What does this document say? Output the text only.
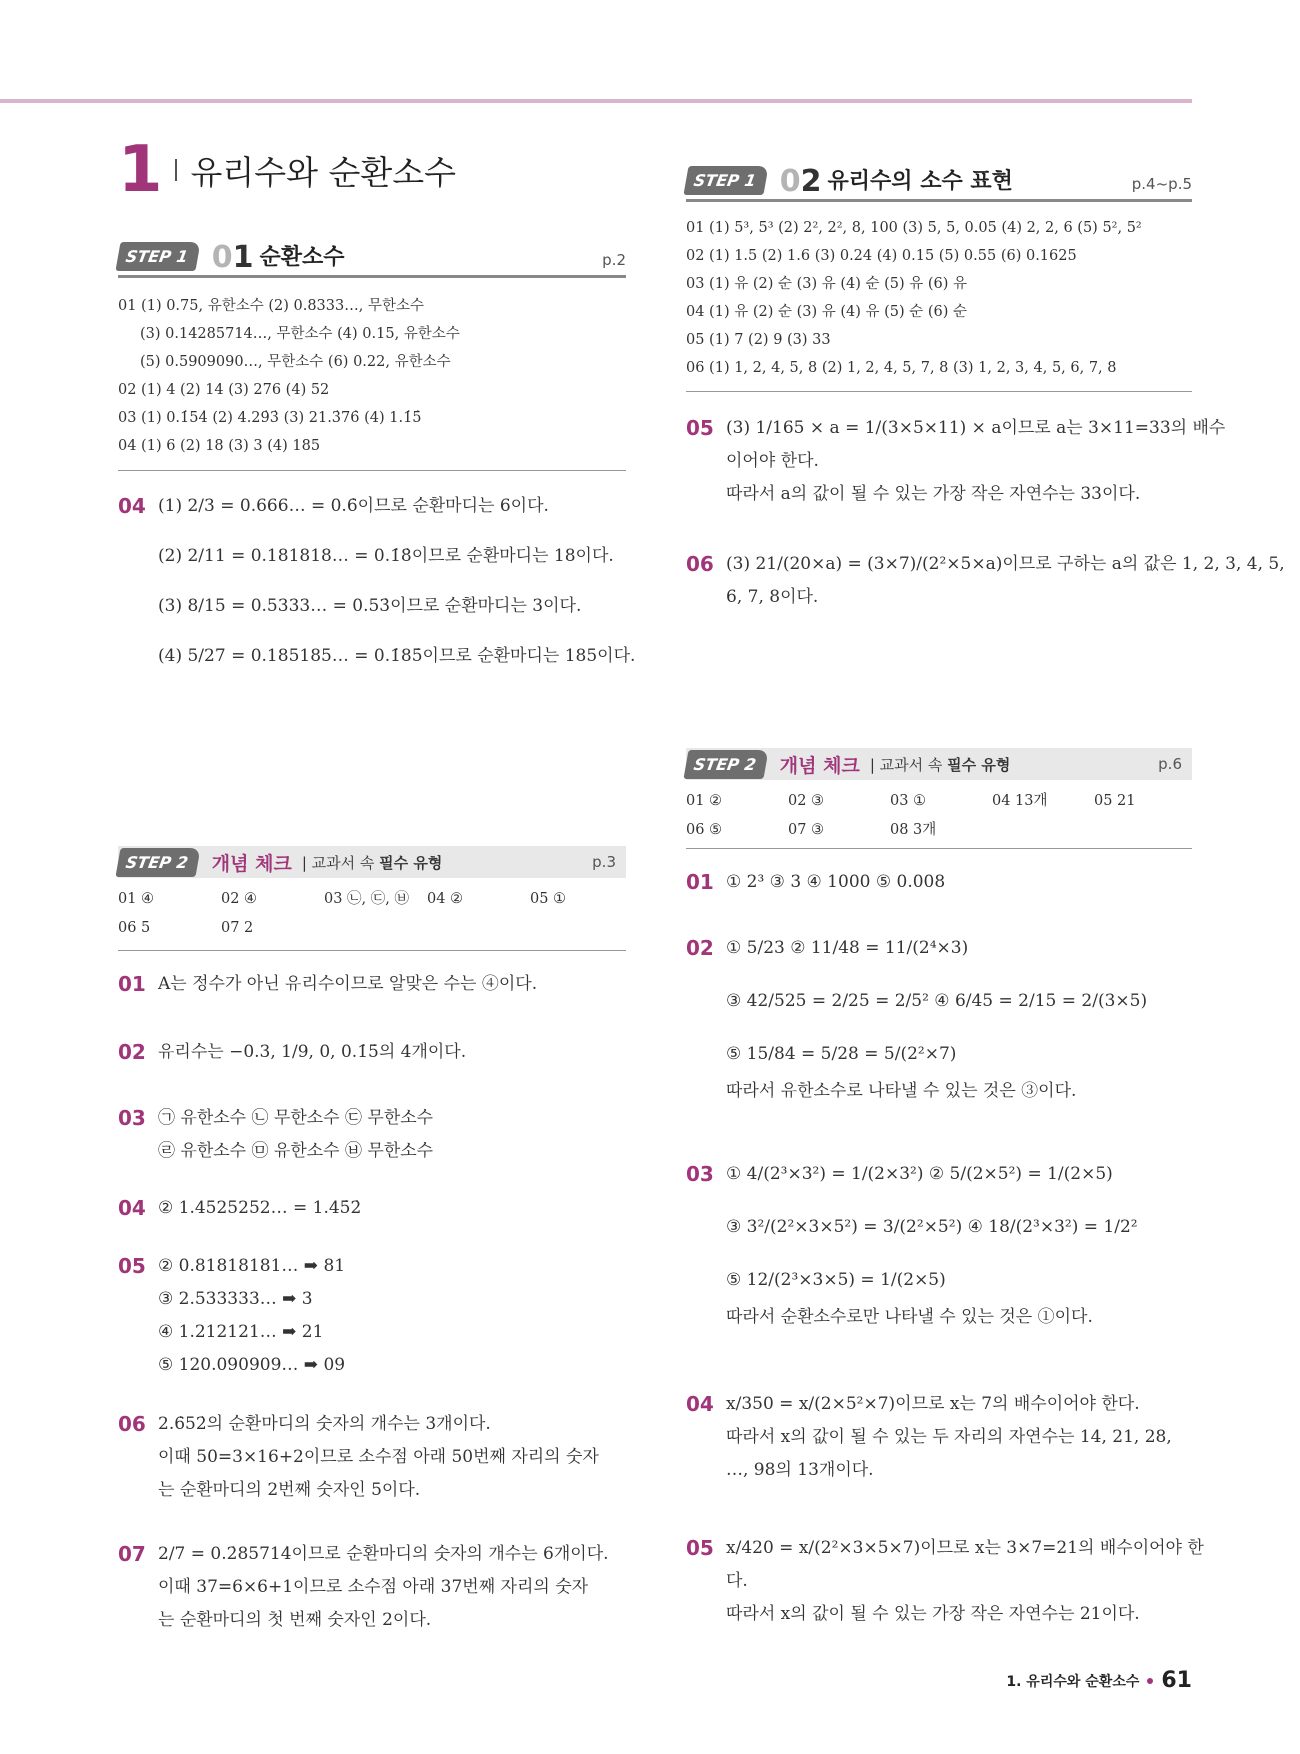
1 유리수와 순환소수
STEP 1 01 순환소수	p.2
01 (1) 0.75, 유한소수 (2) 0.8333…, 무한소수
(3) 0.14285714…, 무한소수 (4) 0.15, 유한소수
(5) 0.5909090…, 무한소수 (6) 0.22, 유한소수
02 (1) 4 (2) 14 (3) 276 (4) 52
03 (1) 0.1̇54̇ (2) 4.29̇3̇ (3) 21.3̇76̇ (4) 1.1̇5̇
04 (1) 6 (2) 18 (3) 3 (4) 185
04 (1) 2/3 = 0.666… = 0.6̇이므로 순환마디는 6이다.
(2) 2/11 = 0.181818… = 0.1̇8̇이므로 순환마디는 18이다.
(3) 8/15 = 0.5333… = 0.53̇이므로 순환마디는 3이다.
(4) 5/27 = 0.185185… = 0.1̇85̇이므로 순환마디는 185이다.
STEP 2	개념 체크 | 교과서 속 필수 유형	p.3
01 ④	02 ④	03 ㉡, ㉢, ㉥ 04 ②	05 ①
06 5	07 2
01 A는 정수가 아닌 유리수이므로 알맞은 수는 ④이다.
02 유리수는 −0.3, 1/9, 0, 0.1̇5̇의 4개이다.
03 ㉠ 유한소수 ㉡ 무한소수 ㉢ 무한소수
㉣ 유한소수 ㉤ 유한소수 ㉥ 무한소수
04 ② 1.4525252… = 1.45̇2̇
05 ② 0.81818181… ➡ 81
③ 2.533333… ➡ 3
④ 1.212121… ➡ 21
⑤ 120.090909… ➡ 09
06 2.6̇52̇의 순환마디의 숫자의 개수는 3개이다.
이때 50=3×16+2이므로 소수점 아래 50번째 자리의 숫자
는 순환마디의 2번째 숫자인 5이다.
07 2/7 = 0.2̇85714̇이므로 순환마디의 숫자의 개수는 6개이다.
이때 37=6×6+1이므로 소수점 아래 37번째 자리의 숫자
는 순환마디의 첫 번째 숫자인 2이다.
STEP 1 02 유리수의 소수 표현	p.4~p.5
01 (1) 5³, 5³ (2) 2², 2², 8, 100 (3) 5, 5, 0.05 (4) 2, 2, 6 (5) 5², 5²
02 (1) 1.5 (2) 1.6 (3) 0.24 (4) 0.15 (5) 0.55 (6) 0.1625
03 (1) 유 (2) 순 (3) 유 (4) 순 (5) 유 (6) 유
04 (1) 유 (2) 순 (3) 유 (4) 유 (5) 순 (6) 순
05 (1) 7 (2) 9 (3) 33
06 (1) 1, 2, 4, 5, 8 (2) 1, 2, 4, 5, 7, 8 (3) 1, 2, 3, 4, 5, 6, 7, 8
05 (3) 1/165 × a = 1/(3×5×11) × a이므로 a는 3×11=33의 배수
이어야 한다.
따라서 a의 값이 될 수 있는 가장 작은 자연수는 33이다.
06 (3) 21/(20×a) = (3×7)/(2²×5×a)이므로 구하는 a의 값은 1, 2, 3, 4, 5,
6, 7, 8이다.
STEP 2	개념 체크 | 교과서 속 필수 유형	p.6
01 ②	02 ③	03 ①	04 13개	05 21
06 ⑤	07 ③	08 3개
01 ① 2³ ③ 3 ④ 1000 ⑤ 0.008
02 ① 5/23 ② 11/48 = 11/(2⁴×3)
③ 42/525 = 2/25 = 2/5² ④ 6/45 = 2/15 = 2/(3×5)
⑤ 15/84 = 5/28 = 5/(2²×7)
따라서 유한소수로 나타낼 수 있는 것은 ③이다.
03 ① 4/(2³×3²) = 1/(2×3²) ② 5/(2×5²) = 1/(2×5)
③ 3²/(2²×3×5²) = 3/(2²×5²) ④ 18/(2³×3²) = 1/2²
⑤ 12/(2³×3×5) = 1/(2×5)
따라서 순환소수로만 나타낼 수 있는 것은 ①이다.
04 x/350 = x/(2×5²×7)이므로 x는 7의 배수이어야 한다.
따라서 x의 값이 될 수 있는 두 자리의 자연수는 14, 21, 28,
…, 98의 13개이다.
05 x/420 = x/(2²×3×5×7)이므로 x는 3×7=21의 배수이어야 한
다.
따라서 x의 값이 될 수 있는 가장 작은 자연수는 21이다.
1. 유리수와 순환소수 61
